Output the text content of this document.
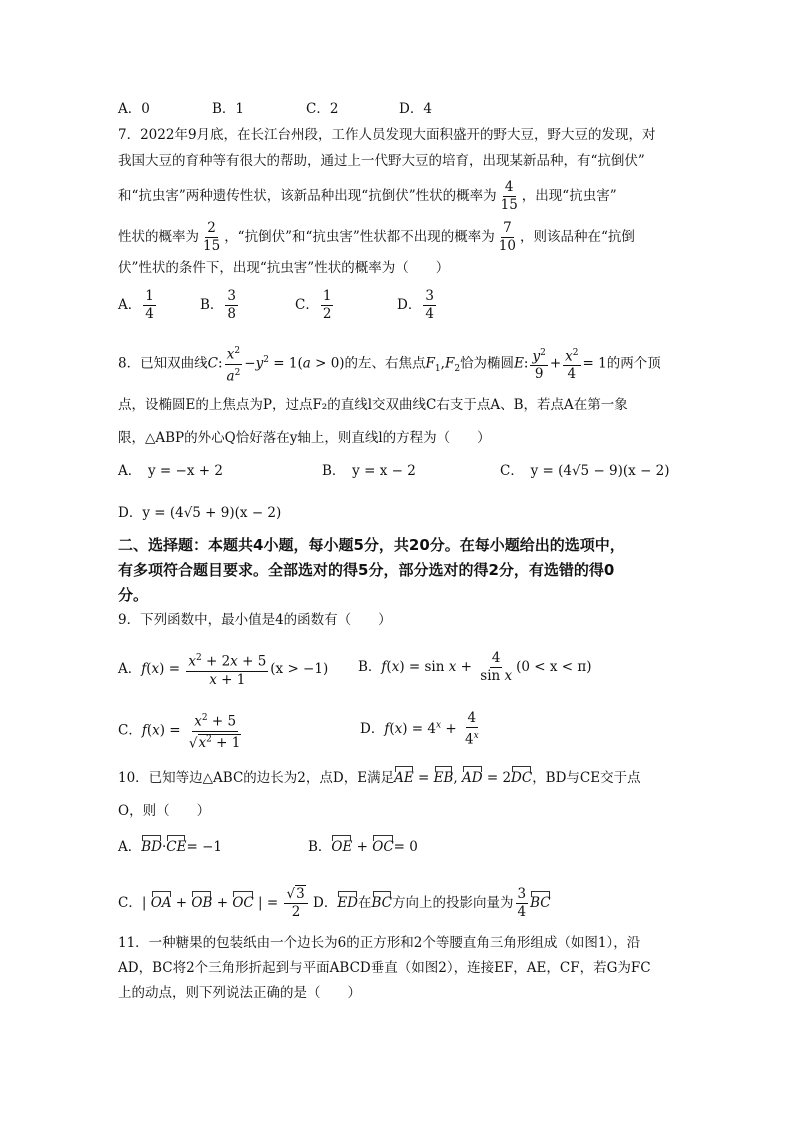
A．0	B．1	C．2	D．4
7．2022年9月底，在长江台州段，工作人员发现大面积盛开的野大豆，野大豆的发现，对
我国大豆的育种等有很大的帮助，通过上一代野大豆的培育，出现某新品种，有“抗倒伏”
和“抗虫害”两种遗传性状，该新品种出现“抗倒伏”性状的概率为 $\frac{4}{15}$ ，出现“抗虫害”
性状的概率为 $\frac{2}{15}$ ，“抗倒伏”和“抗虫害”性状都不出现的概率为 $\frac{7}{10}$ ，则该品种在“抗倒
伏”性状的条件下，出现“抗虫害”性状的概率为（　　）
A． $\frac{1}{4}$	B． $\frac{3}{8}$	C． $\frac{1}{2}$	D． $\frac{3}{4}$
8．已知双曲线C: $\frac{x^2}{a^2} -y^2 = 1(a > 0)$的左、右焦点$F_1,F_2$恰为椭圆E: $\frac{y^2}{9} + \frac{x^2}{4} = 1$的两个顶
点，设椭圆E的上焦点为P，过点F₂的直线l交双曲线C右支于点A、B，若点A在第一象
限，△ABP的外心Q恰好落在y轴上，则直线l的方程为（　　）
A．　y = −x + 2	B．　y = x − 2	C．　y = (4√5 − 9)(x − 2)
D．y = (4√5 + 9)(x − 2)
二、选择题：本题共4小题，每小题5分，共20分。在每小题给出的选项中，
有多项符合题目要求。全部选对的得5分，部分选对的得2分，有选错的得0
分。
9．下列函数中，最小值是4的函数有（　　）
A．$f(x) = \frac{x^2 + 2x + 5}{x + 1} (x > -1)$ B．$f(x) = \sin x + \frac{4}{\text{sin x}} (0 < x < \pi)$
C．$f(x) = \frac{x^2 + 5}{√x^2 + 1}$	D．$f(x) = 4^x + \frac{4}{4^x}$
10．已知等边△ABC的边长为2，点D，E满足AE = EB, AD = 2DC，BD与CE交于点
O，则（　　）
A．BD·CE= −1	B．OE + OC= 0
C．| OA + OB + OC | = $\frac{√3}{2}$ D．ED在BC方向上的投影向量为 $\frac{3}{4}$ BC
11．一种糖果的包装纸由一个边长为6的正方形和2个等腰直角三角形组成（如图1），沿
AD，BC将2个三角形折起到与平面ABCD垂直（如图2），连接EF，AE，CF，若G为FC
上的动点，则下列说法正确的是（　　）
